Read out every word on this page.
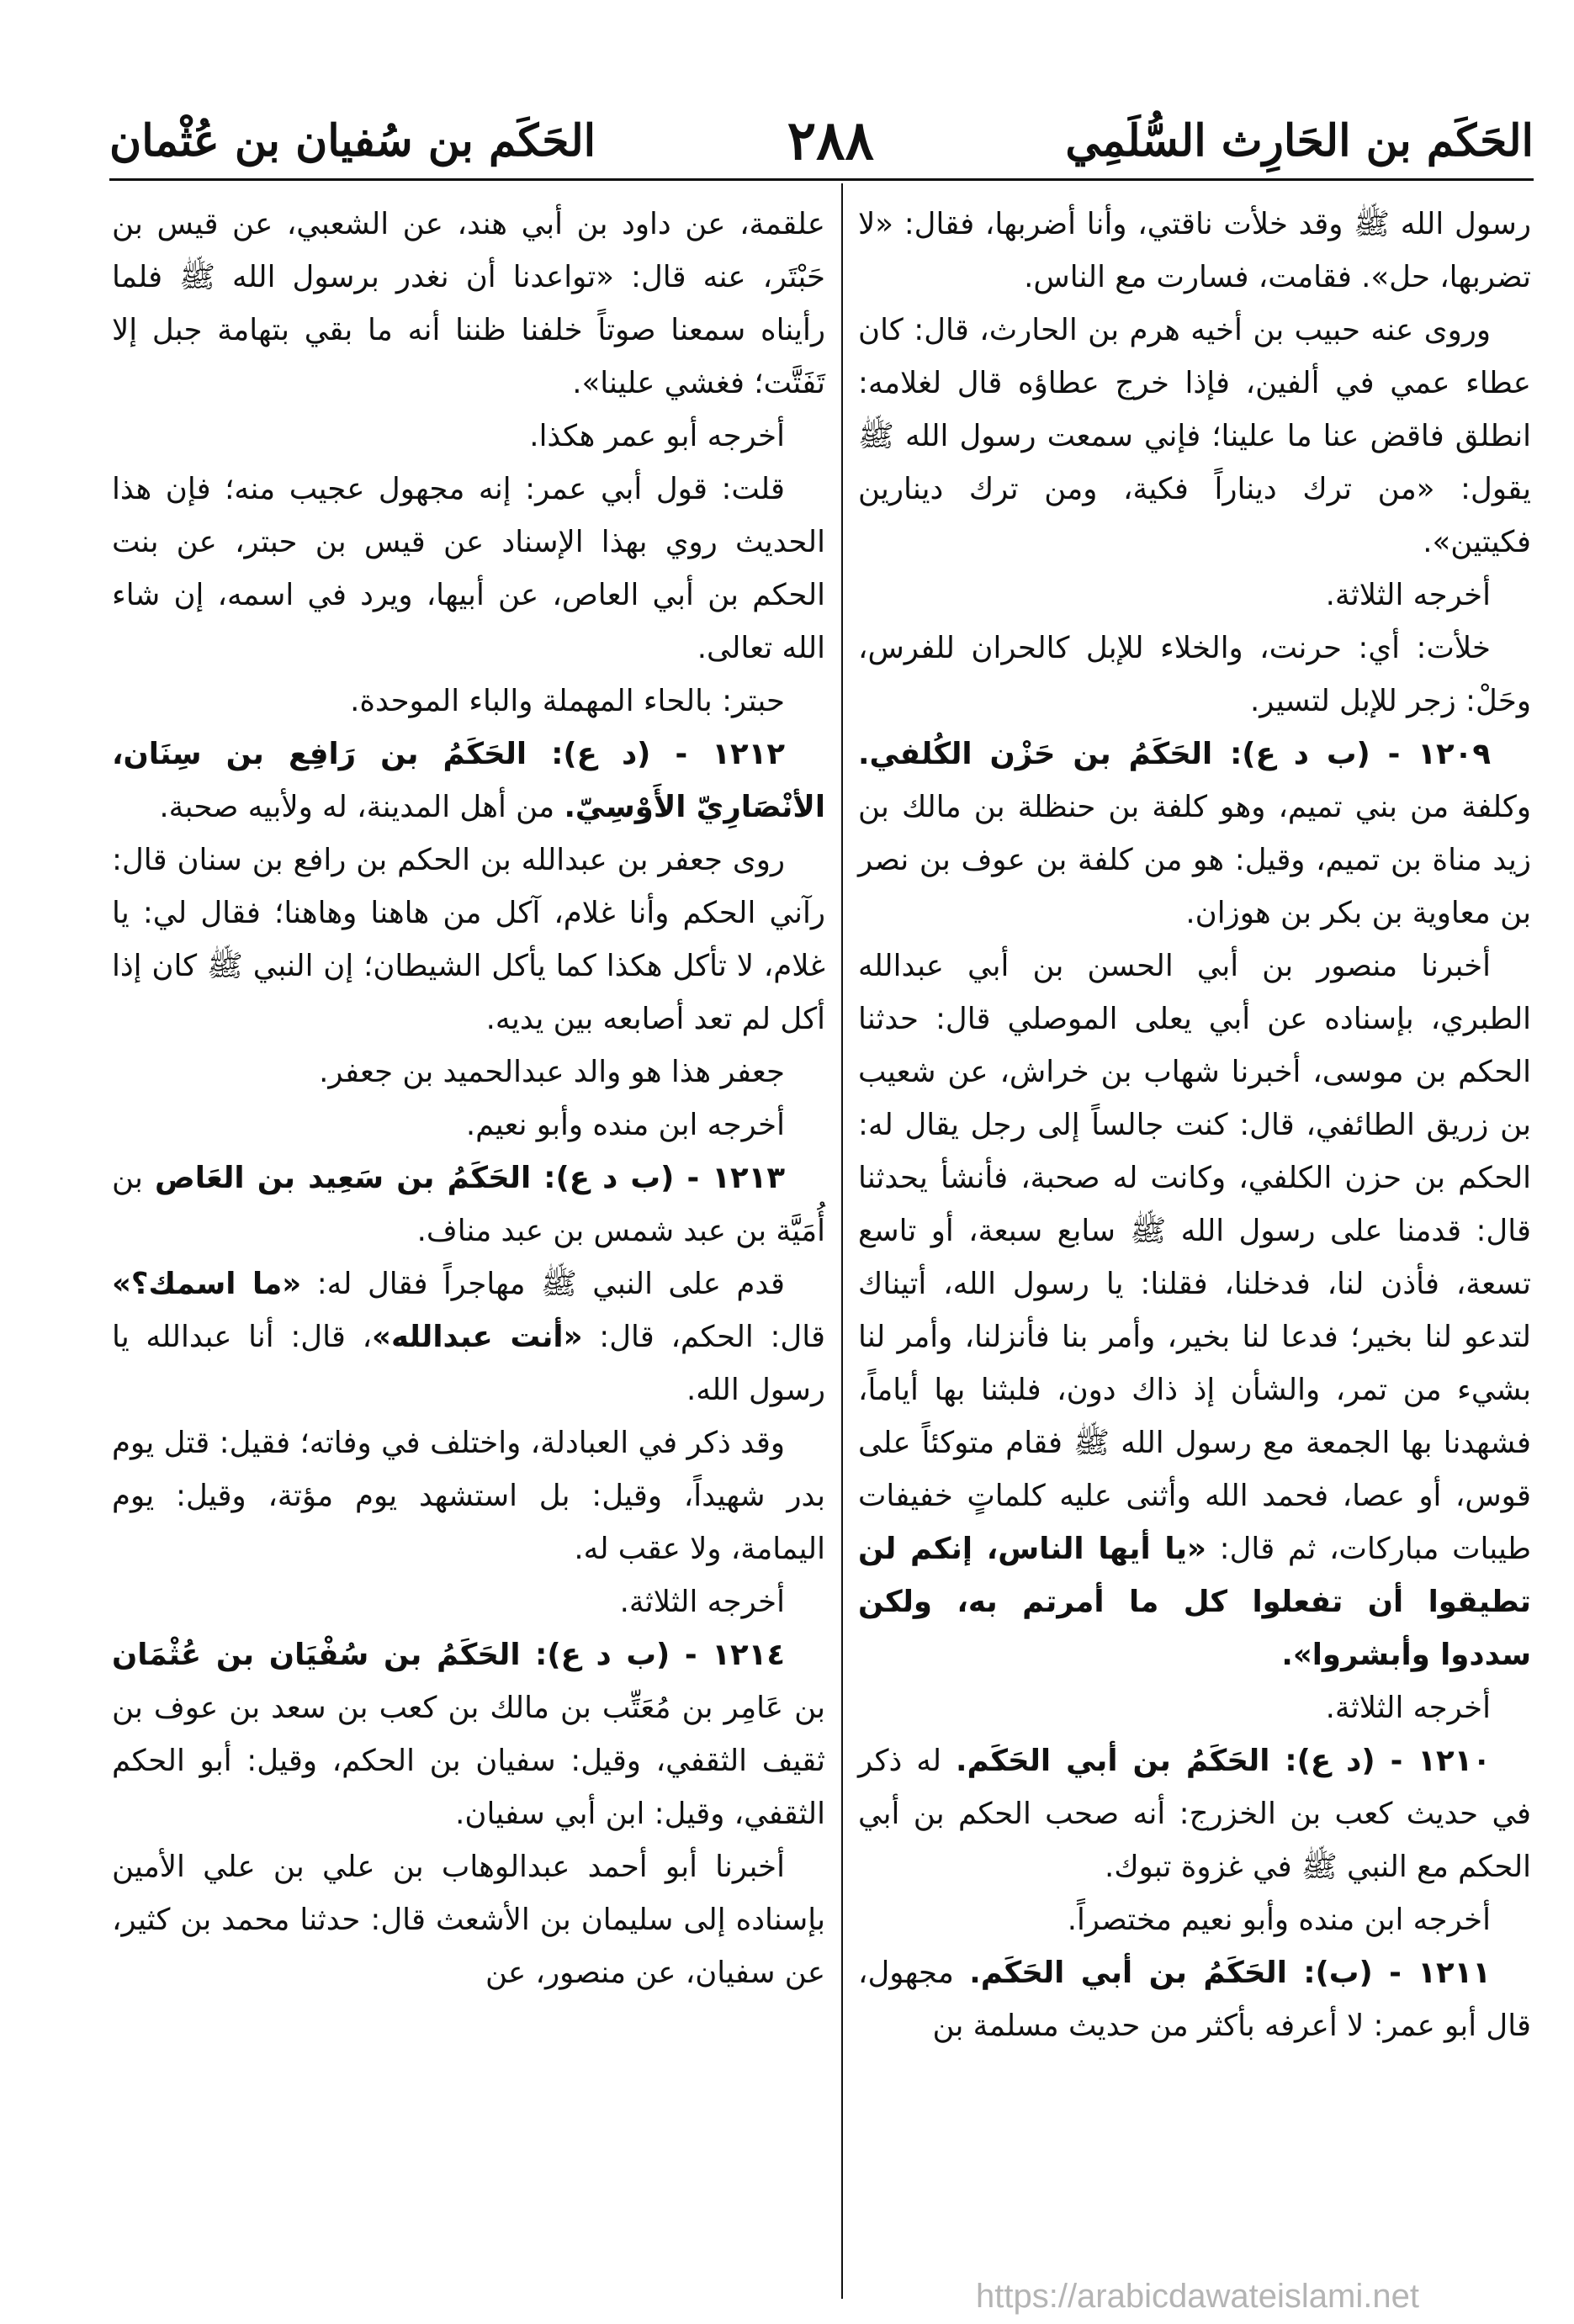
الحَكَم بن الحَارِث السُّلَمِي
٢٨٨
الحَكَم بن سُفيان بن عُثْمان

رسول الله ﷺ وقد خلأت ناقتي، وأنا أضربها، فقال: «لا تضربها، حل». فقامت، فسارت مع الناس.

وروى عنه حبيب بن أخيه هرم بن الحارث، قال: كان عطاء عمي في ألفين، فإذا خرج عطاؤه قال لغلامه: انطلق فاقض عنا ما علينا؛ فإني سمعت رسول الله ﷺ يقول: «من ترك ديناراً فكية، ومن ترك دينارين فكيتين».

أخرجه الثلاثة.

خلأت: أي: حرنت، والخلاء للإبل كالحران للفرس، وحَلْ: زجر للإبل لتسير.

١٢٠٩ - (ب د ع): الحَكَمُ بن حَزْن الكُلفي. وكلفة من بني تميم، وهو كلفة بن حنظلة بن مالك بن زيد مناة بن تميم، وقيل: هو من كلفة بن عوف بن نصر بن معاوية بن بكر بن هوزان.

أخبرنا منصور بن أبي الحسن بن أبي عبدالله الطبري، بإسناده عن أبي يعلى الموصلي قال: حدثنا الحكم بن موسى، أخبرنا شهاب بن خراش، عن شعيب بن زريق الطائفي، قال: كنت جالساً إلى رجل يقال له: الحكم بن حزن الكلفي، وكانت له صحبة، فأنشأ يحدثنا قال: قدمنا على رسول الله ﷺ سابع سبعة، أو تاسع تسعة، فأذن لنا، فدخلنا، فقلنا: يا رسول الله، أتيناك لتدعو لنا بخير؛ فدعا لنا بخير، وأمر بنا فأنزلنا، وأمر لنا بشيء من تمر، والشأن إذ ذاك دون، فلبثنا بها أياماً، فشهدنا بها الجمعة مع رسول الله ﷺ فقام متوكئاً على قوس، أو عصا، فحمد الله وأثنى عليه كلماتٍ خفيفات طيبات مباركات، ثم قال: «يا أيها الناس، إنكم لن تطيقوا أن تفعلوا كل ما أمرتم به، ولكن سددوا وأبشروا».

أخرجه الثلاثة.

١٢١٠ - (د ع): الحَكَمُ بن أبي الحَكَم. له ذكر في حديث كعب بن الخزرج: أنه صحب الحكم بن أبي الحكم مع النبي ﷺ في غزوة تبوك.

أخرجه ابن منده وأبو نعيم مختصراً.

١٢١١ - (ب): الحَكَمُ بن أبي الحَكَم. مجهول، قال أبو عمر: لا أعرفه بأكثر من حديث مسلمة بن

علقمة، عن داود بن أبي هند، عن الشعبي، عن قيس بن حَبْتَر، عنه قال: «تواعدنا أن نغدر برسول الله ﷺ فلما رأيناه سمعنا صوتاً خلفنا ظننا أنه ما بقي بتهامة جبل إلا تَفَتَّت؛ فغشي علينا».

أخرجه أبو عمر هكذا.

قلت: قول أبي عمر: إنه مجهول عجيب منه؛ فإن هذا الحديث روي بهذا الإسناد عن قيس بن حبتر، عن بنت الحكم بن أبي العاص، عن أبيها، ويرد في اسمه، إن شاء الله تعالى.

حبتر: بالحاء المهملة والباء الموحدة.

١٢١٢ - (د ع): الحَكَمُ بن رَافِع بن سِنَان، الأنْصَارِيّ الأَوْسِيّ. من أهل المدينة، له ولأبيه صحبة.

روى جعفر بن عبدالله بن الحكم بن رافع بن سنان قال: رآني الحكم وأنا غلام، آكل من هاهنا وهاهنا؛ فقال لي: يا غلام، لا تأكل هكذا كما يأكل الشيطان؛ إن النبي ﷺ كان إذا أكل لم تعد أصابعه بين يديه.

جعفر هذا هو والد عبدالحميد بن جعفر.

أخرجه ابن منده وأبو نعيم.

١٢١٣ - (ب د ع): الحَكَمُ بن سَعِيد بن العَاص بن أُمَيَّة بن عبد شمس بن عبد مناف.

قدم على النبي ﷺ مهاجراً فقال له: «ما اسمك؟» قال: الحكم، قال: «أنت عبدالله»، قال: أنا عبدالله يا رسول الله.

وقد ذكر في العبادلة، واختلف في وفاته؛ فقيل: قتل يوم بدر شهيداً، وقيل: بل استشهد يوم مؤتة، وقيل: يوم اليمامة، ولا عقب له.

أخرجه الثلاثة.

١٢١٤ - (ب د ع): الحَكَمُ بن سُفْيَان بن عُثْمَان بن عَامِر بن مُعَتِّب بن مالك بن كعب بن سعد بن عوف بن ثقيف الثقفي، وقيل: سفيان بن الحكم، وقيل: أبو الحكم الثقفي، وقيل: ابن أبي سفيان.

أخبرنا أبو أحمد عبدالوهاب بن علي بن علي الأمين بإسناده إلى سليمان بن الأشعث قال: حدثنا محمد بن كثير، عن سفيان، عن منصور، عن

https://arabicdawateislami.net
